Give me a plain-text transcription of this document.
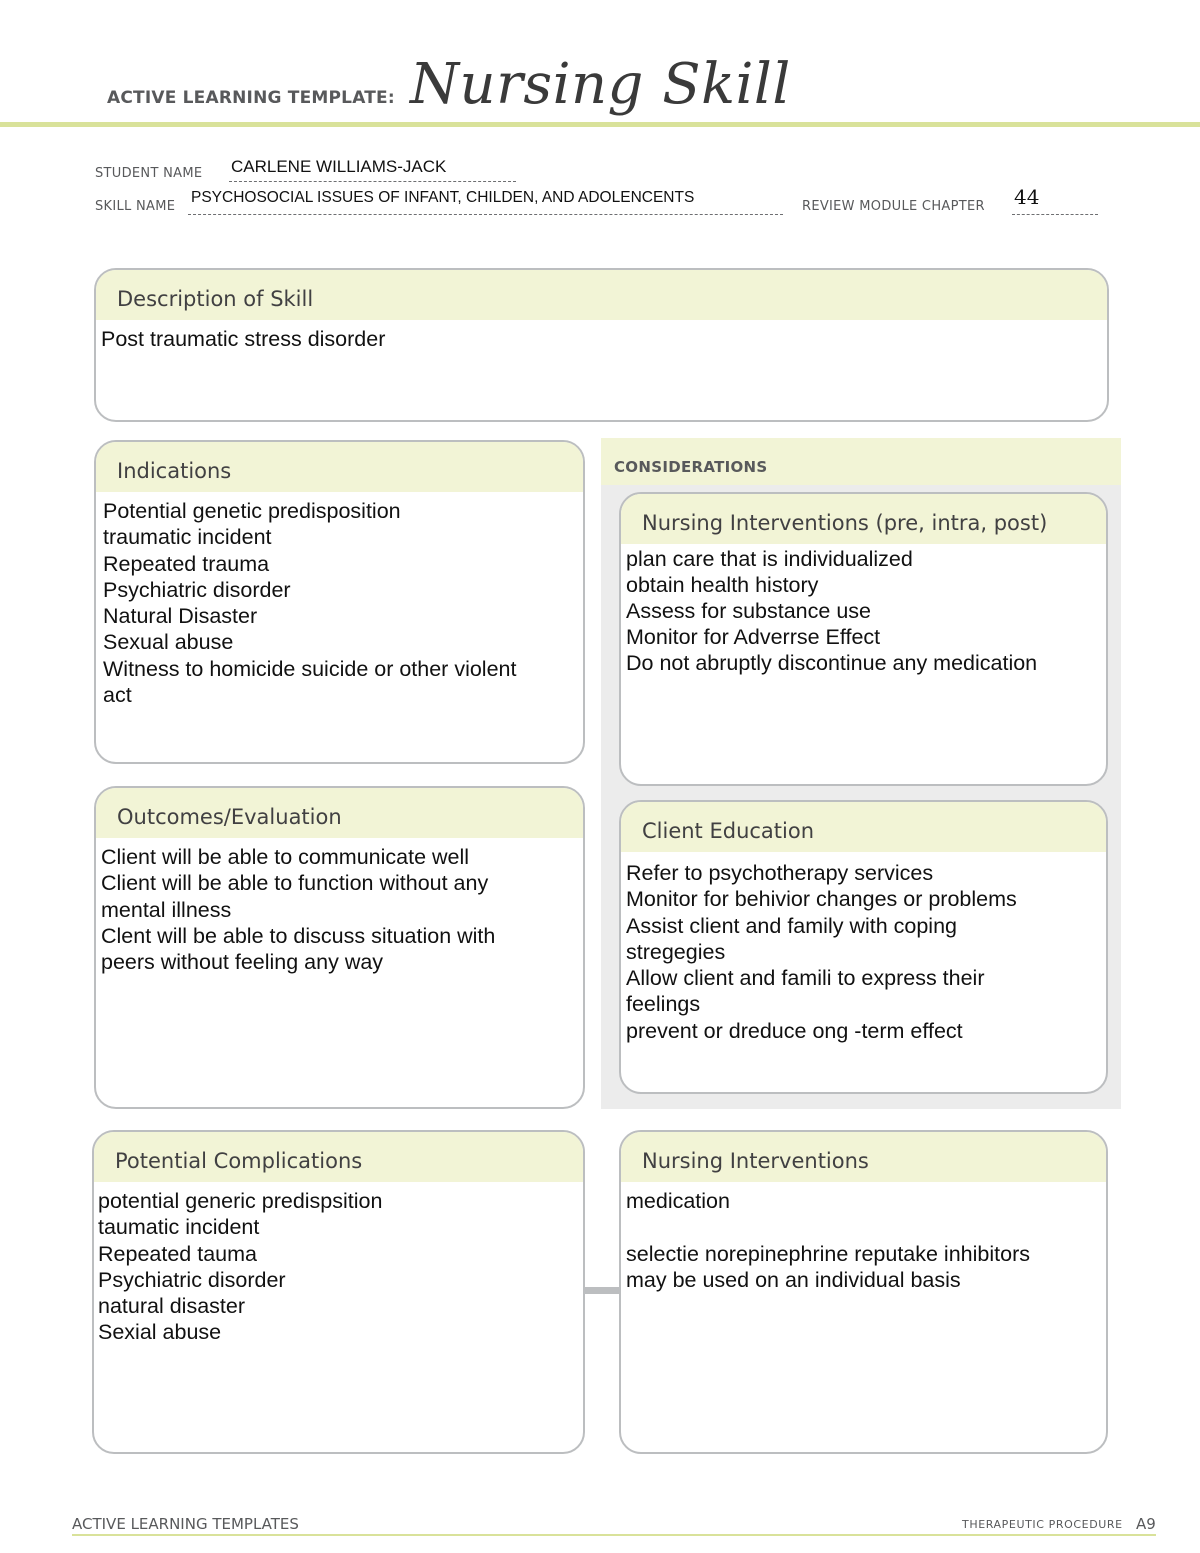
ACTIVE LEARNING TEMPLATE: Nursing Skill
STUDENT NAME CARLENE WILLIAMS-JACK
SKILL NAME
PSYCHOSOCIAL ISSUES OF INFANT, CHILDEN, AND ADOLENCENTS
REVIEW MODULE CHAPTER 44
Description of Skill
Post traumatic stress disorder
CONSIDERATIONS
Indications
Potential genetic predisposition
traumatic incident
Repeated trauma
Psychiatric disorder
Natural Disaster
Sexual abuse
Witness to homicide suicide or other violent
act
Nursing Interventions (pre, intra, post)
plan care that is individualized
obtain health history
Assess for substance use
Monitor for Adverrse Effect
Do not abruptly discontinue any medication
Outcomes/Evaluation
Client will be able to communicate well
Client will be able to function without any
mental illness
Clent will be able to discuss situation with
peers without feeling any way
Client Education
Refer to psychotherapy services
Monitor for behivior changes or problems
Assist client and family with coping
stregegies
Allow client and famili to express their
feelings
prevent or dreduce ong -term effect
Potential Complications
potential generic predispsition
taumatic incident
Repeated tauma
Psychiatric disorder
natural disaster
Sexial abuse
Nursing Interventions
medication

selectie norepinephrine reputake inhibitors
may be used on an individual basis
ACTIVE LEARNING TEMPLATES	THERAPEUTIC PROCEDURE A9
